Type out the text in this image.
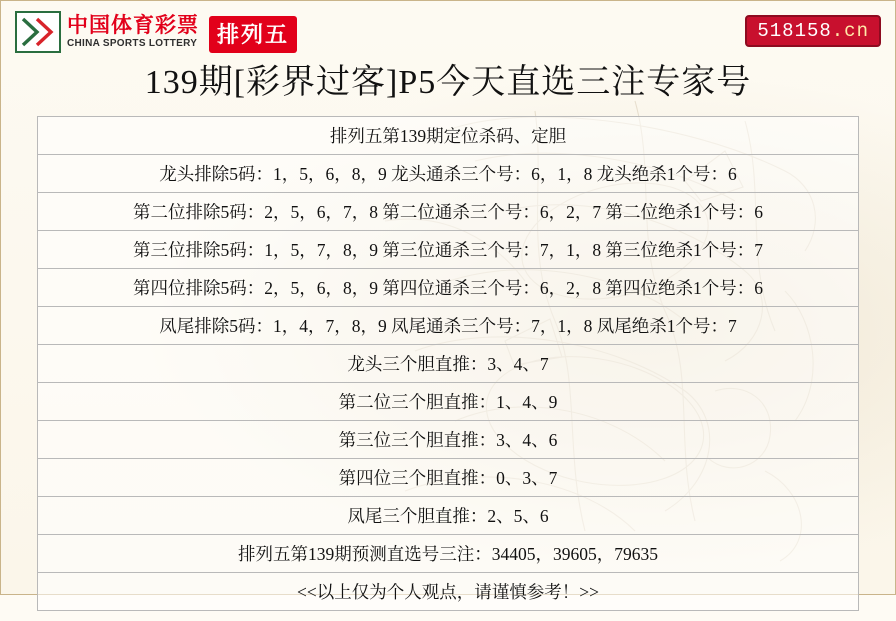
中国体育彩票
CHINA SPORTS LOTTERY 排列五	518158.cn
139期[彩界过客]P5今天直选三注专家号
排列五第139期定位杀码、定胆
龙头排除5码：1，5，6，8，9 龙头通杀三个号：6，1，8 龙头绝杀1个号：6
第二位排除5码：2，5，6，7，8 第二位通杀三个号：6，2，7 第二位绝杀1个号：6
第三位排除5码：1，5，7，8，9 第三位通杀三个号：7，1，8 第三位绝杀1个号：7
第四位排除5码：2，5，6，8，9 第四位通杀三个号：6，2，8 第四位绝杀1个号：6
凤尾排除5码：1，4，7，8，9 凤尾通杀三个号：7，1，8 凤尾绝杀1个号：7
龙头三个胆直推：3、4、7
第二位三个胆直推：1、4、9
第三位三个胆直推：3、4、6
第四位三个胆直推：0、3、7
凤尾三个胆直推：2、5、6
排列五第139期预测直选号三注：34405，39605，79635
<<以上仅为个人观点，请谨慎参考！>>
